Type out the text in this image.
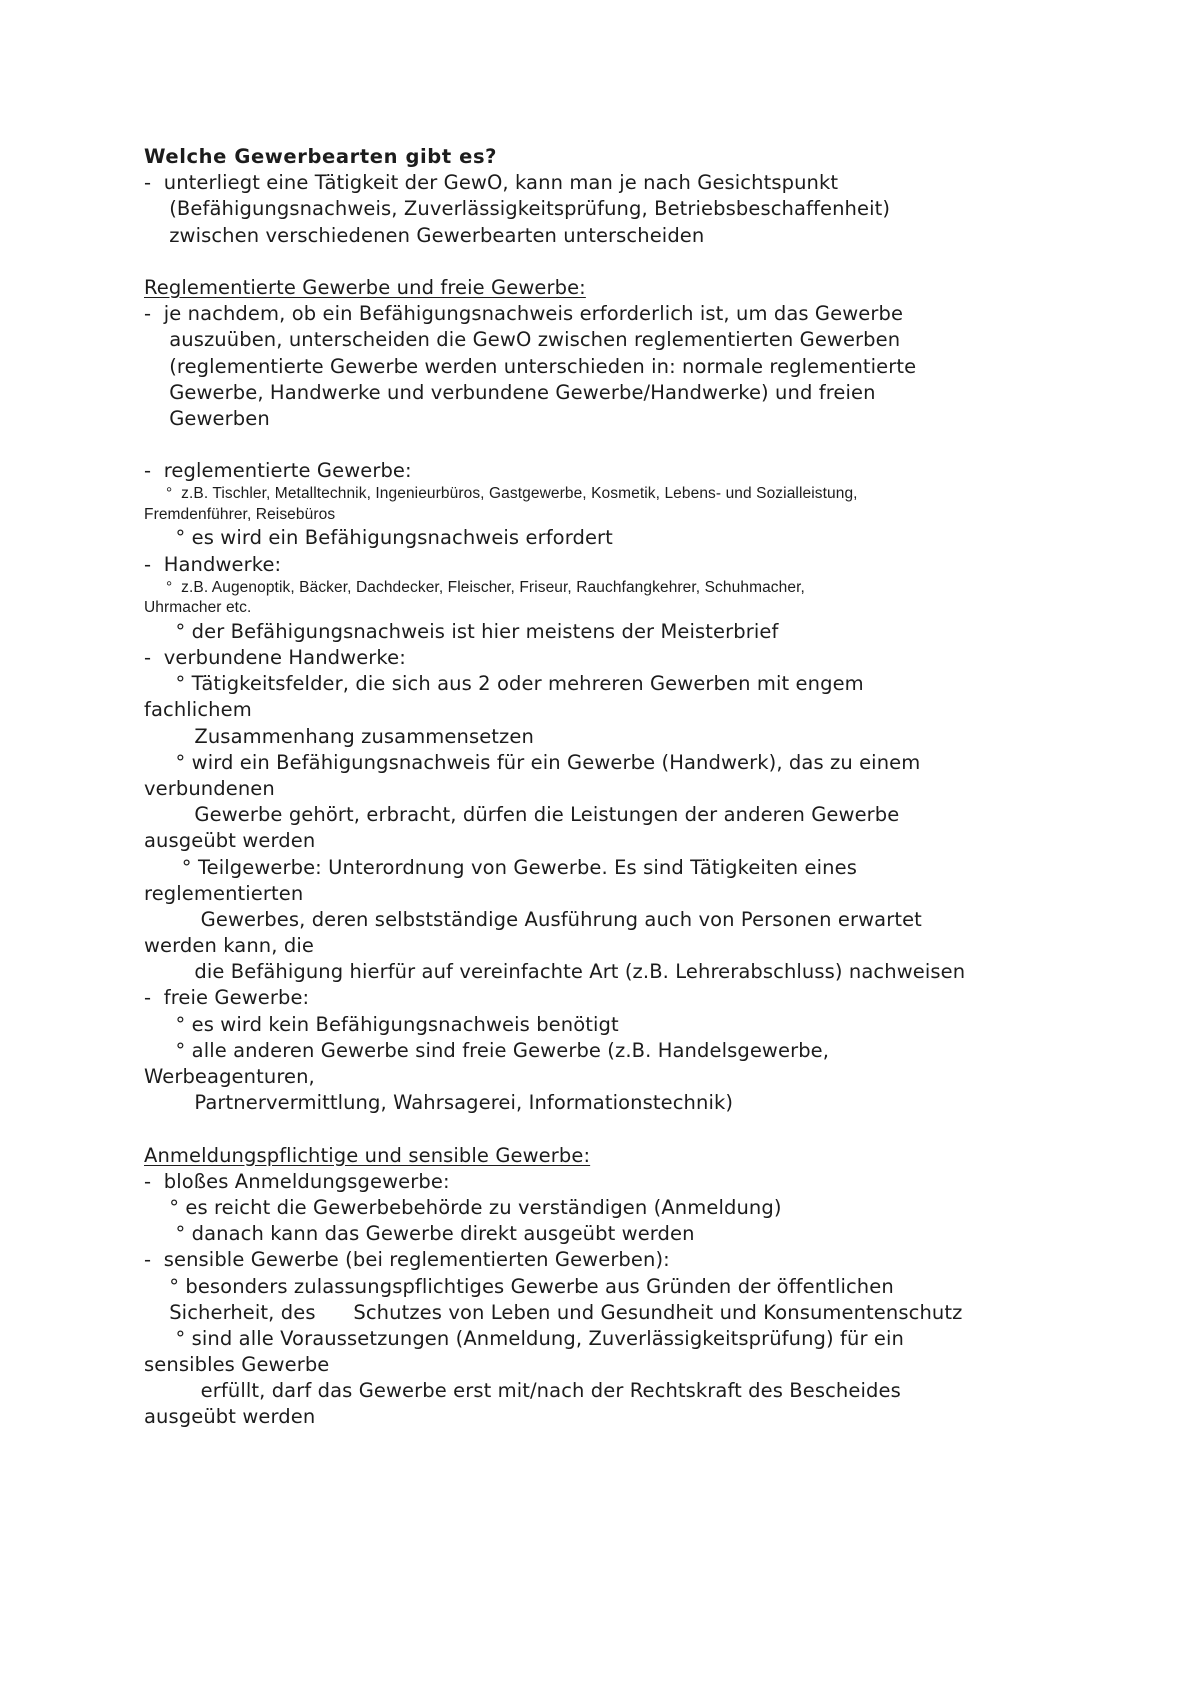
Welche Gewerbearten gibt es?
-  unterliegt eine Tätigkeit der GewO, kann man je nach Gesichtspunkt
(Befähigungsnachweis, Zuverlässigkeitsprüfung, Betriebsbeschaffenheit)
zwischen verschiedenen Gewerbearten unterscheiden
Reglementierte Gewerbe und freie Gewerbe:
-  je nachdem, ob ein Befähigungsnachweis erforderlich ist, um das Gewerbe
auszuüben, unterscheiden die GewO zwischen reglementierten Gewerben
(reglementierte Gewerbe werden unterschieden in: normale reglementierte
Gewerbe, Handwerke und verbundene Gewerbe/Handwerke) und freien
Gewerben
-  reglementierte Gewerbe:
°  z.B. Tischler, Metalltechnik, Ingenieurbüros, Gastgewerbe, Kosmetik, Lebens- und Sozialleistung,
Fremdenführer, Reisebüros
° es wird ein Befähigungsnachweis erfordert
-  Handwerke:
°  z.B. Augenoptik, Bäcker, Dachdecker, Fleischer, Friseur, Rauchfangkehrer, Schuhmacher,
Uhrmacher etc.
° der Befähigungsnachweis ist hier meistens der Meisterbrief
-  verbundene Handwerke:
° Tätigkeitsfelder, die sich aus 2 oder mehreren Gewerben mit engem
fachlichem
Zusammenhang zusammensetzen
° wird ein Befähigungsnachweis für ein Gewerbe (Handwerk), das zu einem
verbundenen
Gewerbe gehört, erbracht, dürfen die Leistungen der anderen Gewerbe
ausgeübt werden
° Teilgewerbe: Unterordnung von Gewerbe. Es sind Tätigkeiten eines
reglementierten
Gewerbes, deren selbstständige Ausführung auch von Personen erwartet
werden kann, die
die Befähigung hierfür auf vereinfachte Art (z.B. Lehrerabschluss) nachweisen
-  freie Gewerbe:
° es wird kein Befähigungsnachweis benötigt
° alle anderen Gewerbe sind freie Gewerbe (z.B. Handelsgewerbe,
Werbeagenturen,
Partnervermittlung, Wahrsagerei, Informationstechnik)
Anmeldungspflichtige und sensible Gewerbe:
-  bloßes Anmeldungsgewerbe:
° es reicht die Gewerbebehörde zu verständigen (Anmeldung)
° danach kann das Gewerbe direkt ausgeübt werden
-  sensible Gewerbe (bei reglementierten Gewerben):
° besonders zulassungspflichtiges Gewerbe aus Gründen der öffentlichen
Sicherheit, des      Schutzes von Leben und Gesundheit und Konsumentenschutz
° sind alle Voraussetzungen (Anmeldung, Zuverlässigkeitsprüfung) für ein
sensibles Gewerbe
erfüllt, darf das Gewerbe erst mit/nach der Rechtskraft des Bescheides
ausgeübt werden
